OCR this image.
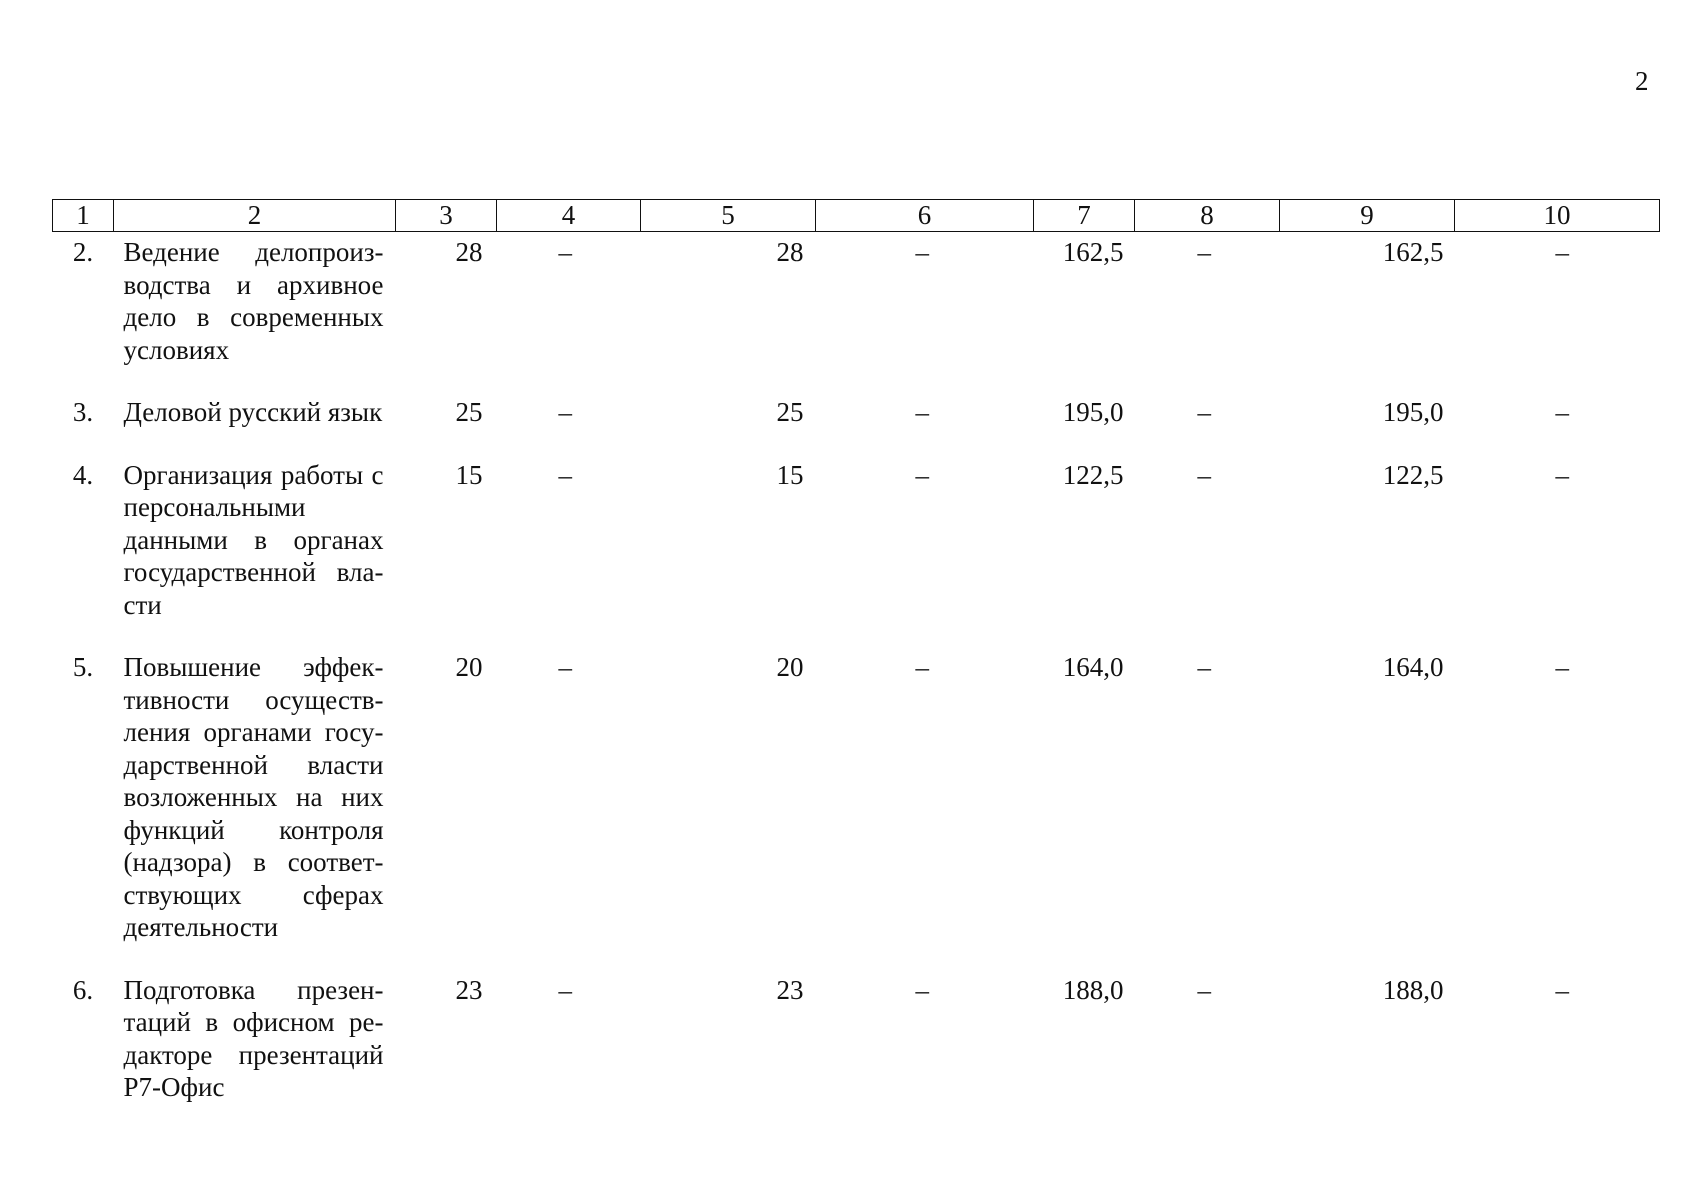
2
1	2	3	4	5	6	7	8	9	10
2.	Ведение делопроизводства и архивное дело в современных условиях	28	–	28	–	162,5	–	162,5	–

3.	Деловой русский язык	25	–	25	–	195,0	–	195,0	–

4.	Организация работы с персональными данными в органах государственной власти	15	–	15	–	122,5	–	122,5	–

5.	Повышение эффективности осуществления органами государственной власти возложенных на них функций контроля (надзора) в соответствующих сферах деятельности	20	–	20	–	164,0	–	164,0	–

6.	Подготовка презентаций в офисном редакторе презентаций Р7-Офис	23	–	23	–	188,0	–	188,0	–
